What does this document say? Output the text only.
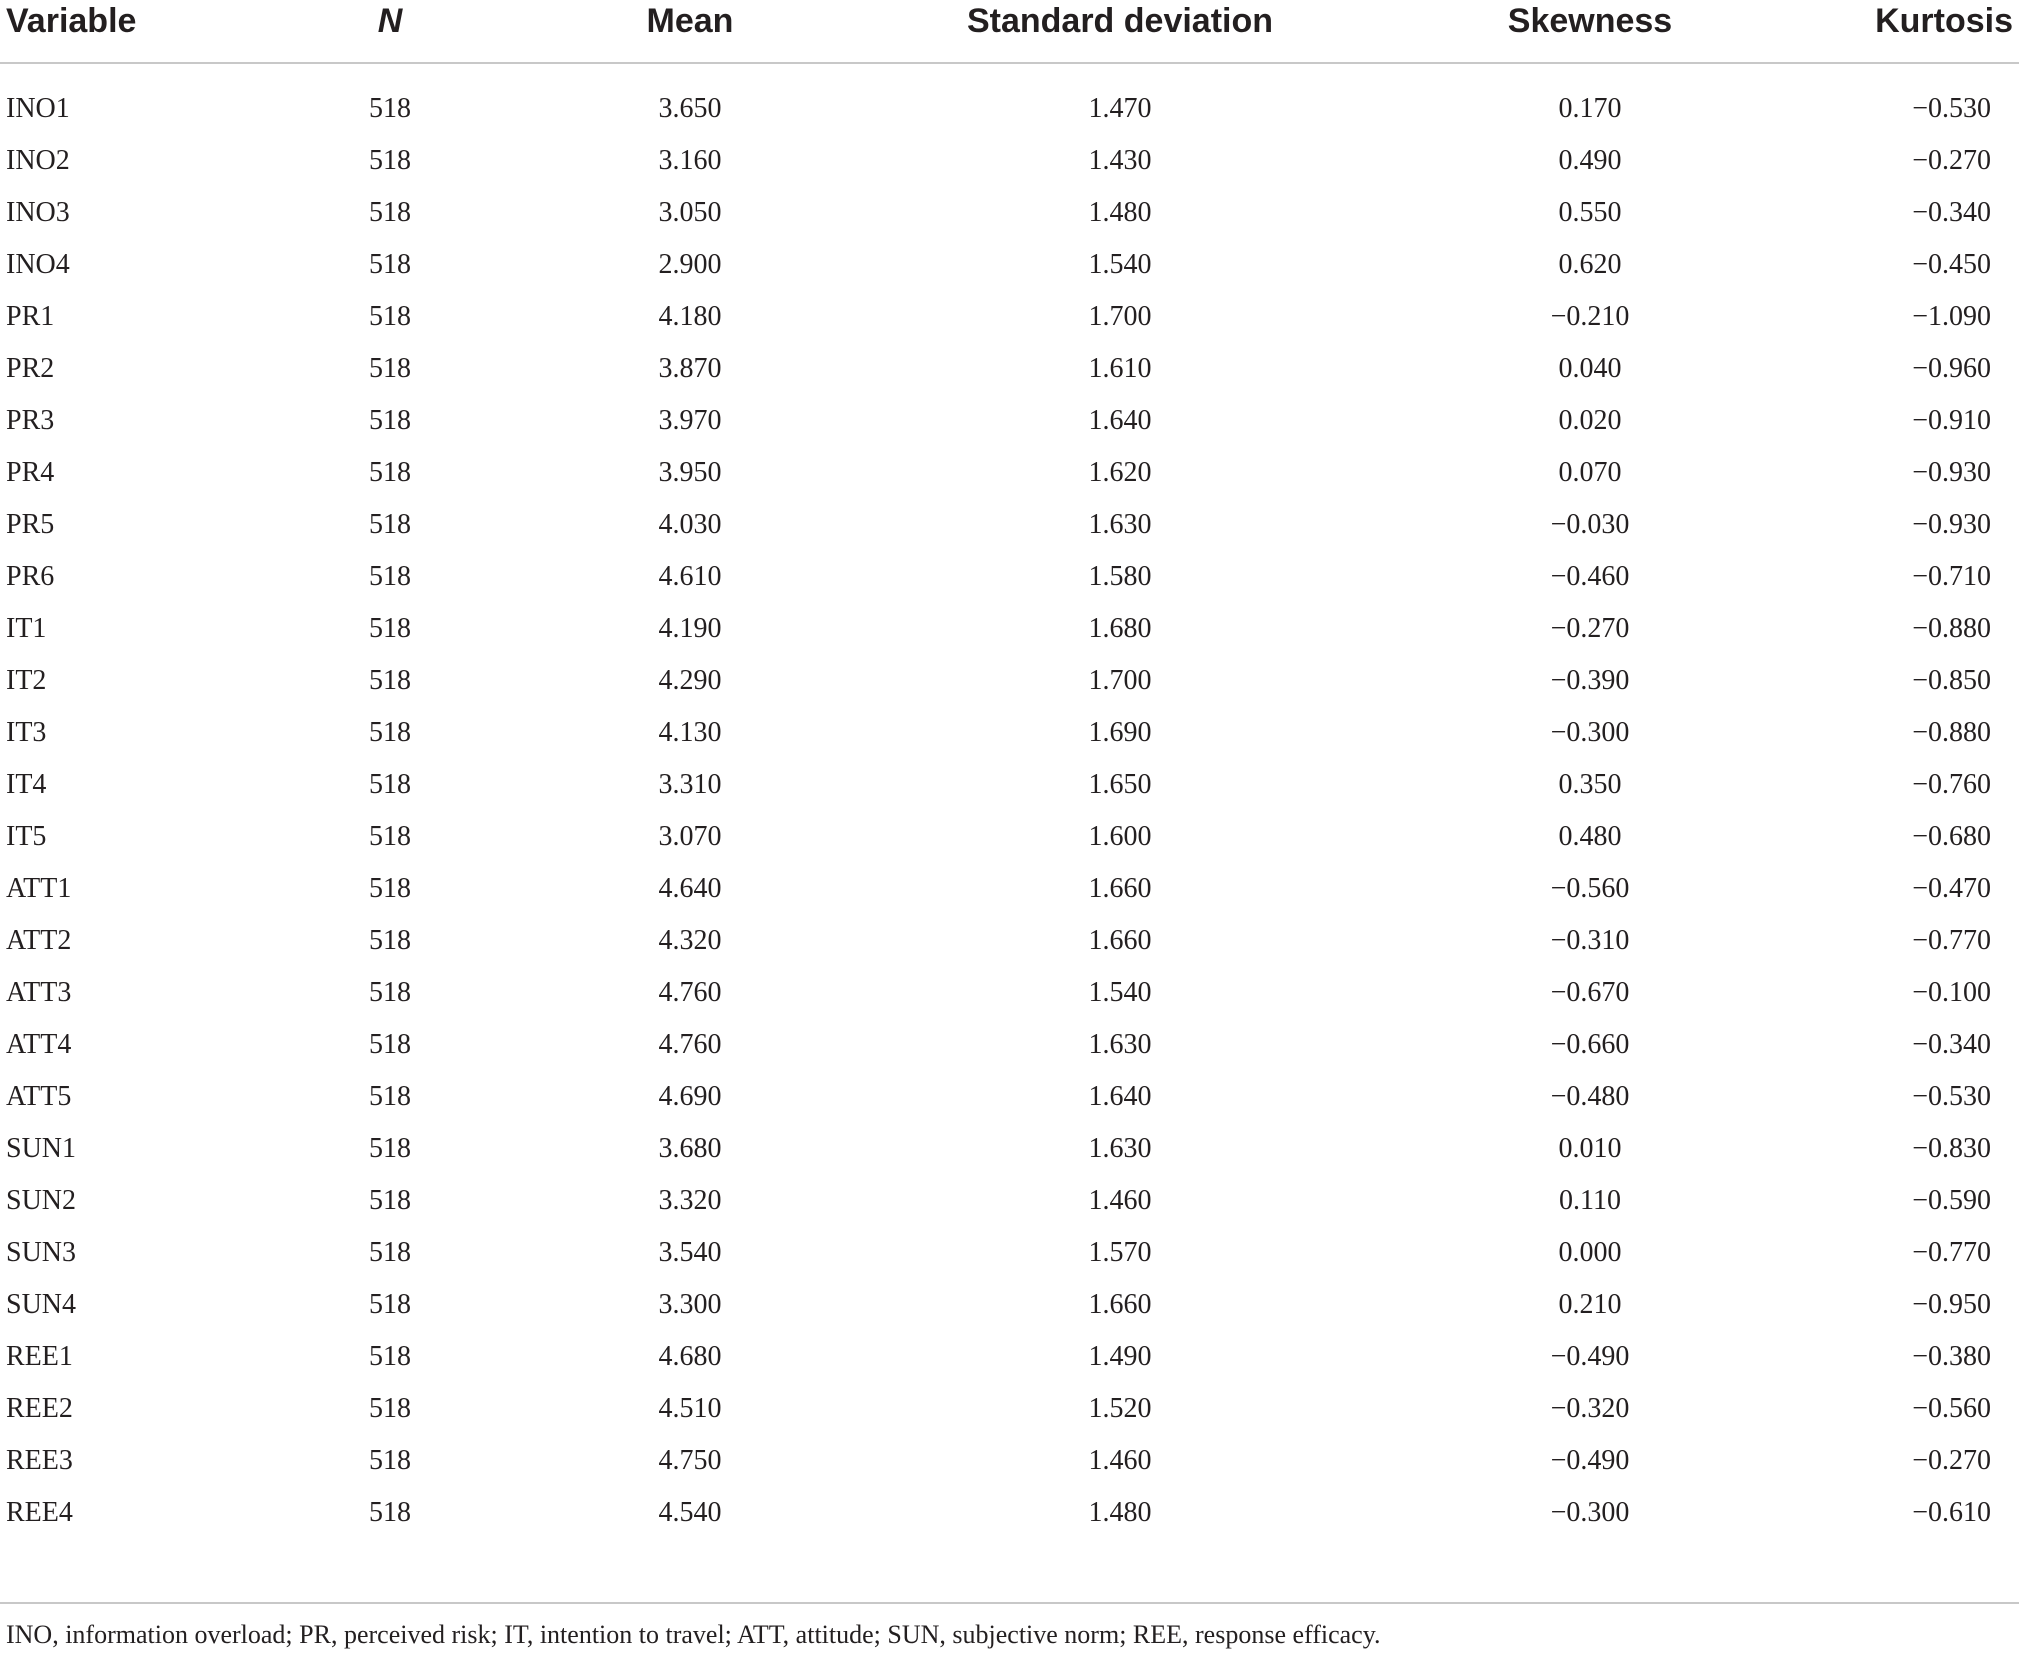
Variable	N	Mean	Standard deviation	Skewness	Kurtosis
INO1	518	3.650	1.470	0.170	−0.530
INO2	518	3.160	1.430	0.490	−0.270
INO3	518	3.050	1.480	0.550	−0.340
INO4	518	2.900	1.540	0.620	−0.450
PR1	518	4.180	1.700	−0.210	−1.090
PR2	518	3.870	1.610	0.040	−0.960
PR3	518	3.970	1.640	0.020	−0.910
PR4	518	3.950	1.620	0.070	−0.930
PR5	518	4.030	1.630	−0.030	−0.930
PR6	518	4.610	1.580	−0.460	−0.710
IT1	518	4.190	1.680	−0.270	−0.880
IT2	518	4.290	1.700	−0.390	−0.850
IT3	518	4.130	1.690	−0.300	−0.880
IT4	518	3.310	1.650	0.350	−0.760
IT5	518	3.070	1.600	0.480	−0.680
ATT1	518	4.640	1.660	−0.560	−0.470
ATT2	518	4.320	1.660	−0.310	−0.770
ATT3	518	4.760	1.540	−0.670	−0.100
ATT4	518	4.760	1.630	−0.660	−0.340
ATT5	518	4.690	1.640	−0.480	−0.530
SUN1	518	3.680	1.630	0.010	−0.830
SUN2	518	3.320	1.460	0.110	−0.590
SUN3	518	3.540	1.570	0.000	−0.770
SUN4	518	3.300	1.660	0.210	−0.950
REE1	518	4.680	1.490	−0.490	−0.380
REE2	518	4.510	1.520	−0.320	−0.560
REE3	518	4.750	1.460	−0.490	−0.270
REE4	518	4.540	1.480	−0.300	−0.610
INO, information overload; PR, perceived risk; IT, intention to travel; ATT, attitude; SUN, subjective norm; REE, response efficacy.
